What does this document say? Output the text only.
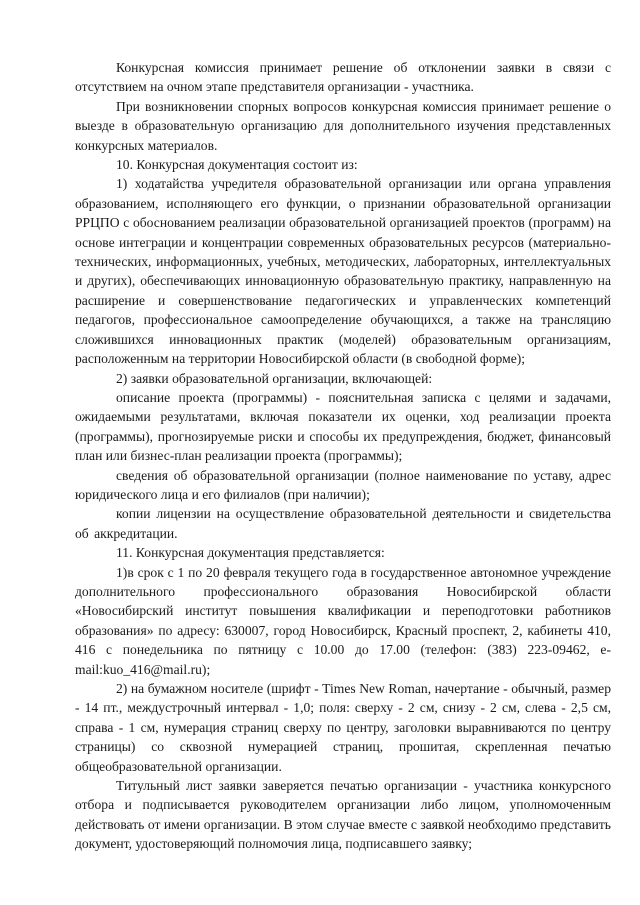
Конкурсная комиссия принимает решение об отклонении заявки в связи с отсутствием на очном этапе представителя организации - участника.

При возникновении спорных вопросов конкурсная комиссия принимает решение о выезде в образовательную организацию для дополнительного изучения представленных конкурсных материалов.

10. Конкурсная документация состоит из:

1) ходатайства учредителя образовательной организации или органа управления образованием, исполняющего его функции, о признании образовательной организации РРЦПО с обоснованием реализации образовательной организацией проектов (программ) на основе интеграции и концентрации современных образовательных ресурсов (материально-технических, информационных, учебных, методических, лабораторных, интеллектуальных и других), обеспечивающих инновационную образовательную практику, направленную на расширение и совершенствование педагогических и управленческих компетенций педагогов, профессиональное самоопределение обучающихся, а также на трансляцию сложившихся инновационных практик (моделей) образовательным организациям, расположенным на территории Новосибирской области (в свободной форме);

2) заявки образовательной организации, включающей:

описание проекта (программы) - пояснительная записка с целями и задачами, ожидаемыми результатами, включая показатели их оценки, ход реализации проекта (программы), прогнозируемые риски и способы их предупреждения, бюджет, финансовый план или бизнес-план реализации проекта (программы);

сведения об образовательной организации (полное наименование по уставу, адрес юридического лица и его филиалов (при наличии);

копии лицензии на осуществление образовательной деятельности и свидетельства об аккредитации.

11. Конкурсная документация представляется:

1)в срок с 1 по 20 февраля текущего года в государственное автономное учреждение дополнительного профессионального образования Новосибирской области «Новосибирский институт повышения квалификации и переподготовки работников образования» по адресу: 630007, город Новосибирск, Красный проспект, 2, кабинеты 410, 416 с понедельника по пятницу с 10.00 до 17.00 (телефон: (383) 223-09462, e-mail:kuo_416@mail.ru);

2) на бумажном носителе (шрифт - Times New Roman, начертание - обычный, размер - 14 пт., междустрочный интервал - 1,0; поля: сверху - 2 см, снизу - 2 см, слева - 2,5 см, справа - 1 см, нумерация страниц сверху по центру, заголовки выравниваются по центру страницы) со сквозной нумерацией страниц, прошитая, скрепленная печатью общеобразовательной организации.

Титульный лист заявки заверяется печатью организации - участника конкурсного отбора и подписывается руководителем организации либо лицом, уполномоченным действовать от имени организации. В этом случае вместе с заявкой необходимо представить документ, удостоверяющий полномочия лица, подписавшего заявку;
